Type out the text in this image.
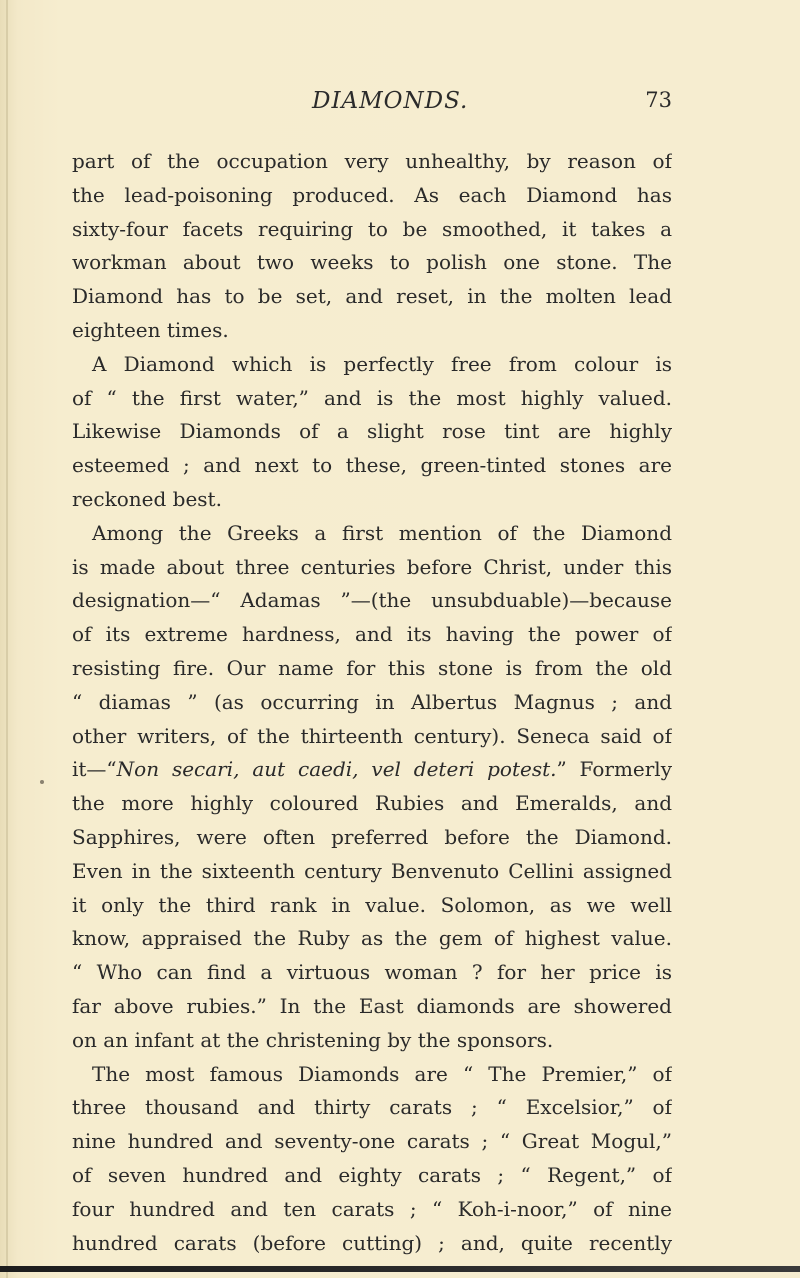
DIAMONDS.	73
part of the occupation very unhealthy, by reason of
the lead-poisoning produced. As each Diamond has
sixty-four facets requiring to be smoothed, it takes a
workman about two weeks to polish one stone. The
Diamond has to be set, and reset, in the molten lead
eighteen times.
A Diamond which is perfectly free from colour is
of “ the first water,” and is the most highly valued.
Likewise Diamonds of a slight rose tint are highly
esteemed ; and next to these, green-tinted stones are
reckoned best.
Among the Greeks a first mention of the Diamond
is made about three centuries before Christ, under this
designation—“ Adamas ”—(the unsubduable)—because
of its extreme hardness, and its having the power of
resisting fire. Our name for this stone is from the old
“ diamas ” (as occurring in Albertus Magnus ; and
other writers, of the thirteenth century). Seneca said of
it—“Non secari, aut caedi, vel deteri potest.” Formerly
the more highly coloured Rubies and Emeralds, and
Sapphires, were often preferred before the Diamond.
Even in the sixteenth century Benvenuto Cellini assigned
it only the third rank in value. Solomon, as we well
know, appraised the Ruby as the gem of highest value.
“ Who can find a virtuous woman ? for her price is
far above rubies.” In the East diamonds are showered
on an infant at the christening by the sponsors.
The most famous Diamonds are “ The Premier,” of
three thousand and thirty carats ; “ Excelsior,” of
nine hundred and seventy-one carats ; “ Great Mogul,”
of seven hundred and eighty carats ; “ Regent,” of
four hundred and ten carats ; “ Koh-i-noor,” of nine
hundred carats (before cutting) ; and, quite recently
